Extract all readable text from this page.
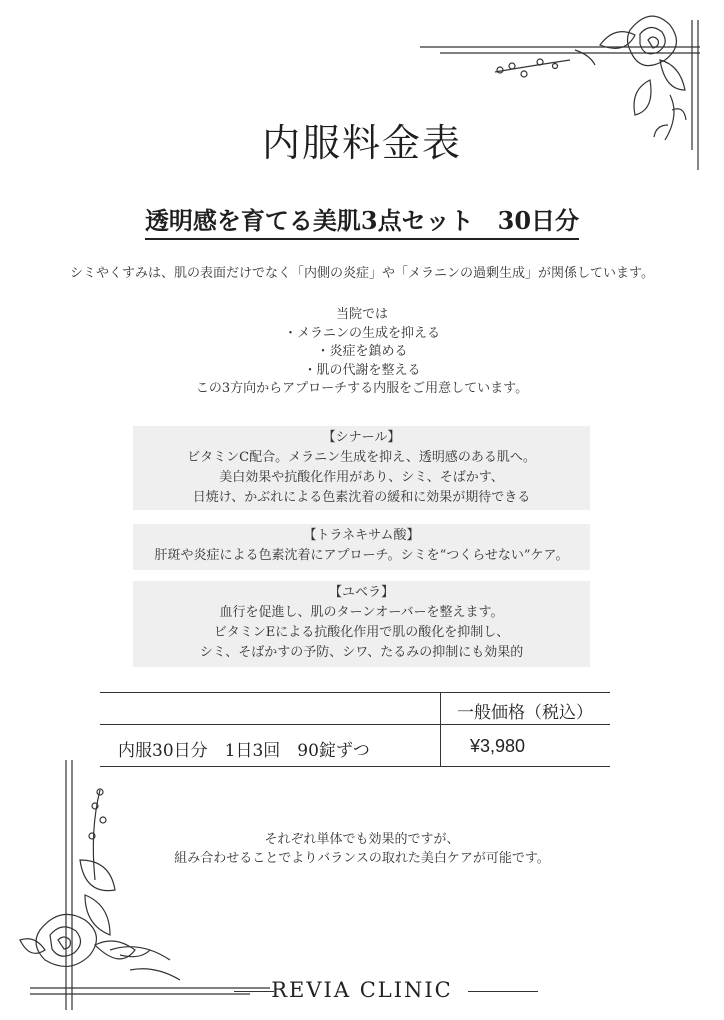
内服料金表
透明感を育てる美肌3点セット　30日分
シミやくすみは、肌の表面だけでなく「内側の炎症」や「メラニンの過剰生成」が関係しています。
当院では
・メラニンの生成を抑える
・炎症を鎮める
・肌の代謝を整える
この3方向からアプローチする内服をご用意しています。
【シナール】
ビタミンC配合。メラニン生成を抑え、透明感のある肌へ。
美白効果や抗酸化作用があり、シミ、そばかす、
日焼け、かぶれによる色素沈着の緩和に効果が期待できる
【トラネキサム酸】
肝斑や炎症による色素沈着にアプローチ。シミを“つくらせない”ケア。
【ユベラ】
血行を促進し、肌のターンオーバーを整えます。
ビタミンEによる抗酸化作用で肌の酸化を抑制し、
シミ、そばかすの予防、シワ、たるみの抑制にも効果的
一般価格（税込）
内服30日分　1日3回　90錠ずつ	¥3,980
それぞれ単体でも効果的ですが、
組み合わせることでよりバランスの取れた美白ケアが可能です。
REVIA CLINIC
